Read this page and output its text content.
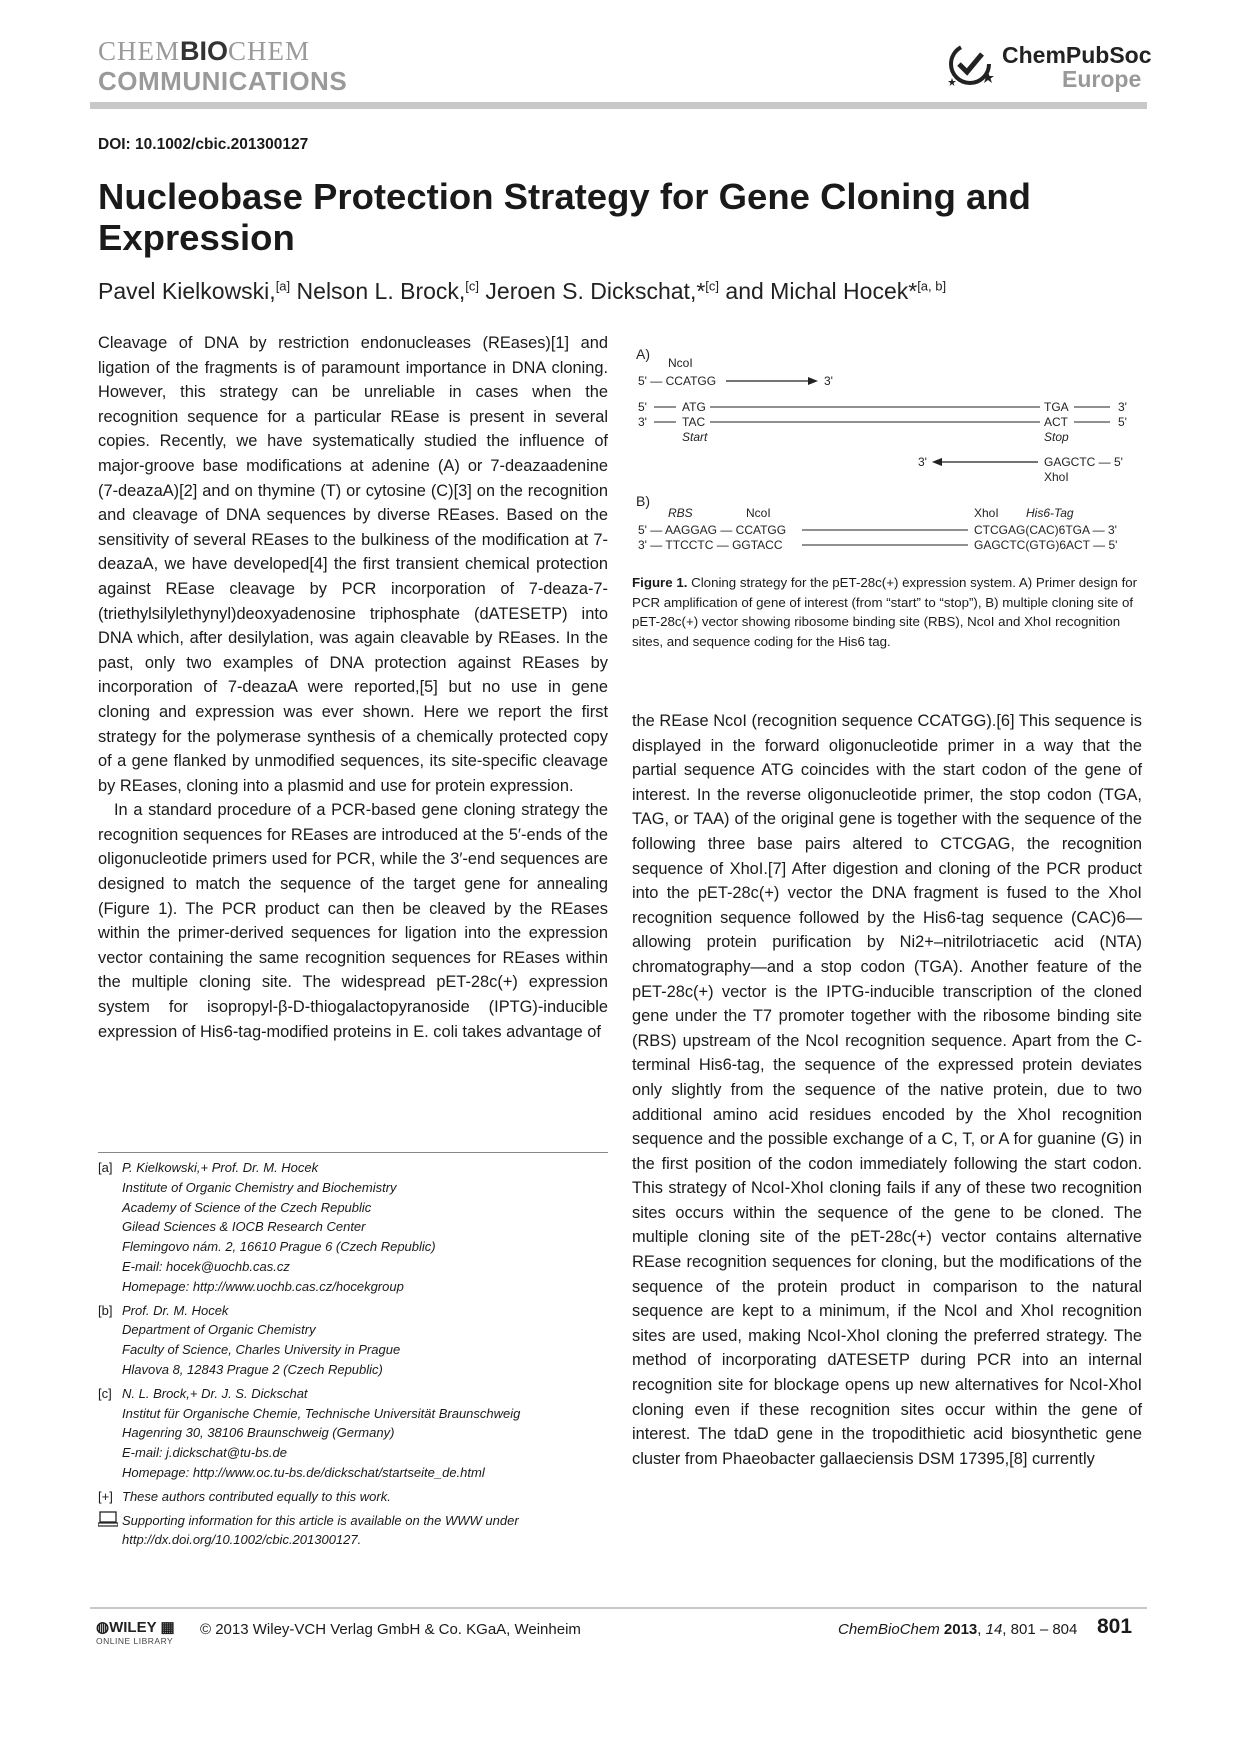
CHEMBIOCHEM
COMMUNICATIONS
ChemPubSoc
Europe
DOI: 10.1002/cbic.201300127
Nucleobase Protection Strategy for Gene Cloning and Expression
Pavel Kielkowski,[a] Nelson L. Brock,[c] Jeroen S. Dickschat,*[c] and Michal Hocek*[a, b]

Cleavage of DNA by restriction endonucleases (REases)[1] and ligation of the fragments is of paramount importance in DNA cloning. However, this strategy can be unreliable in cases when the recognition sequence for a particular REase is present in several copies. Recently, we have systematically studied the influence of major-groove base modifications at adenine (A) or 7-deazaadenine (7-deazaA)[2] and on thymine (T) or cytosine (C)[3] on the recognition and cleavage of DNA sequences by diverse REases. Based on the sensitivity of several REases to the bulkiness of the modification at 7-deazaA, we have developed[4] the first transient chemical protection against REase cleavage by PCR incorporation of 7-deaza-7-(triethylsilylethynyl)deoxyadenosine triphosphate (dATESETP) into DNA which, after desilylation, was again cleavable by REases. In the past, only two examples of DNA protection against REases by incorporation of 7-deazaA were reported,[5] but no use in gene cloning and expression was ever shown. Here we report the first strategy for the polymerase synthesis of a chemically protected copy of a gene flanked by unmodified sequences, its site-specific cleavage by REases, cloning into a plasmid and use for protein expression.

In a standard procedure of a PCR-based gene cloning strategy the recognition sequences for REases are introduced at the 5′-ends of the oligonucleotide primers used for PCR, while the 3′-end sequences are designed to match the sequence of the target gene for annealing (Figure 1). The PCR product can then be cleaved by the REases within the primer-derived sequences for ligation into the expression vector containing the same recognition sequences for REases within the multiple cloning site. The widespread pET-28c(+) expression system for isopropyl-β-D-thiogalactopyranoside (IPTG)-inducible expression of His6-tag-modified proteins in E. coli takes advantage of

A)
NcoI
5' — CCATGG	3'
5'	ATG	TGA	3'
3'	TAC	ACT	5'
Start	Stop
3'	GAGCTC — 5'
XhoI
B)
RBS	NcoI	XhoI His6-Tag
5' — AAGGAG — CCATGG	CTCGAG(CAC)6TGA — 3'
3' — TTCCTC — GGTACC	GAGCTC(GTG)6ACT — 5'
Figure 1. Cloning strategy for the pET-28c(+) expression system. A) Primer design for PCR amplification of gene of interest (from “start” to “stop”), B) multiple cloning site of pET-28c(+) vector showing ribosome binding site (RBS), NcoI and XhoI recognition sites, and sequence coding for the His6 tag.

the REase NcoI (recognition sequence CCATGG).[6] This sequence is displayed in the forward oligonucleotide primer in a way that the partial sequence ATG coincides with the start codon of the gene of interest. In the reverse oligonucleotide primer, the stop codon (TGA, TAG, or TAA) of the original gene is together with the sequence of the following three base pairs altered to CTCGAG, the recognition sequence of XhoI.[7] After digestion and cloning of the PCR product into the pET-28c(+) vector the DNA fragment is fused to the XhoI recognition sequence followed by the His6-tag sequence (CAC)6—allowing protein purification by Ni2+–nitrilotriacetic acid (NTA) chromatography—and a stop codon (TGA). Another feature of the pET-28c(+) vector is the IPTG-inducible transcription of the cloned gene under the T7 promoter together with the ribosome binding site (RBS) upstream of the NcoI recognition sequence. Apart from the C-terminal His6-tag, the sequence of the expressed protein deviates only slightly from the sequence of the native protein, due to two additional amino acid residues encoded by the XhoI recognition sequence and the possible exchange of a C, T, or A for guanine (G) in the first position of the codon immediately following the start codon. This strategy of NcoI-XhoI cloning fails if any of these two recognition sites occurs within the sequence of the gene to be cloned. The multiple cloning site of the pET-28c(+) vector contains alternative REase recognition sequences for cloning, but the modifications of the sequence of the protein product in comparison to the natural sequence are kept to a minimum, if the NcoI and XhoI recognition sites are used, making NcoI-XhoI cloning the preferred strategy. The method of incorporating dATESETP during PCR into an internal recognition site for blockage opens up new alternatives for NcoI-XhoI cloning even if these recognition sites occur within the gene of interest. The tdaD gene in the tropodithietic acid biosynthetic gene cluster from Phaeobacter gallaeciensis DSM 17395,[8] currently

[a] P. Kielkowski,+ Prof. Dr. M. Hocek
Institute of Organic Chemistry and Biochemistry
Academy of Science of the Czech Republic
Gilead Sciences & IOCB Research Center
Flemingovo nám. 2, 16610 Prague 6 (Czech Republic)
E-mail: hocek@uochb.cas.cz
Homepage: http://www.uochb.cas.cz/hocekgroup
[b] Prof. Dr. M. Hocek
Department of Organic Chemistry
Faculty of Science, Charles University in Prague
Hlavova 8, 12843 Prague 2 (Czech Republic)
[c] N. L. Brock,+ Dr. J. S. Dickschat
Institut für Organische Chemie, Technische Universität Braunschweig
Hagenring 30, 38106 Braunschweig (Germany)
E-mail: j.dickschat@tu-bs.de
Homepage: http://www.oc.tu-bs.de/dickschat/startseite_de.html
[+] These authors contributed equally to this work.
Supporting information for this article is available on the WWW under http://dx.doi.org/10.1002/cbic.201300127.
◍WILEY ▦
ONLINE LIBRARY
© 2013 Wiley-VCH Verlag GmbH & Co. KGaA, Weinheim	ChemBioChem 2013, 14, 801 – 804 801
